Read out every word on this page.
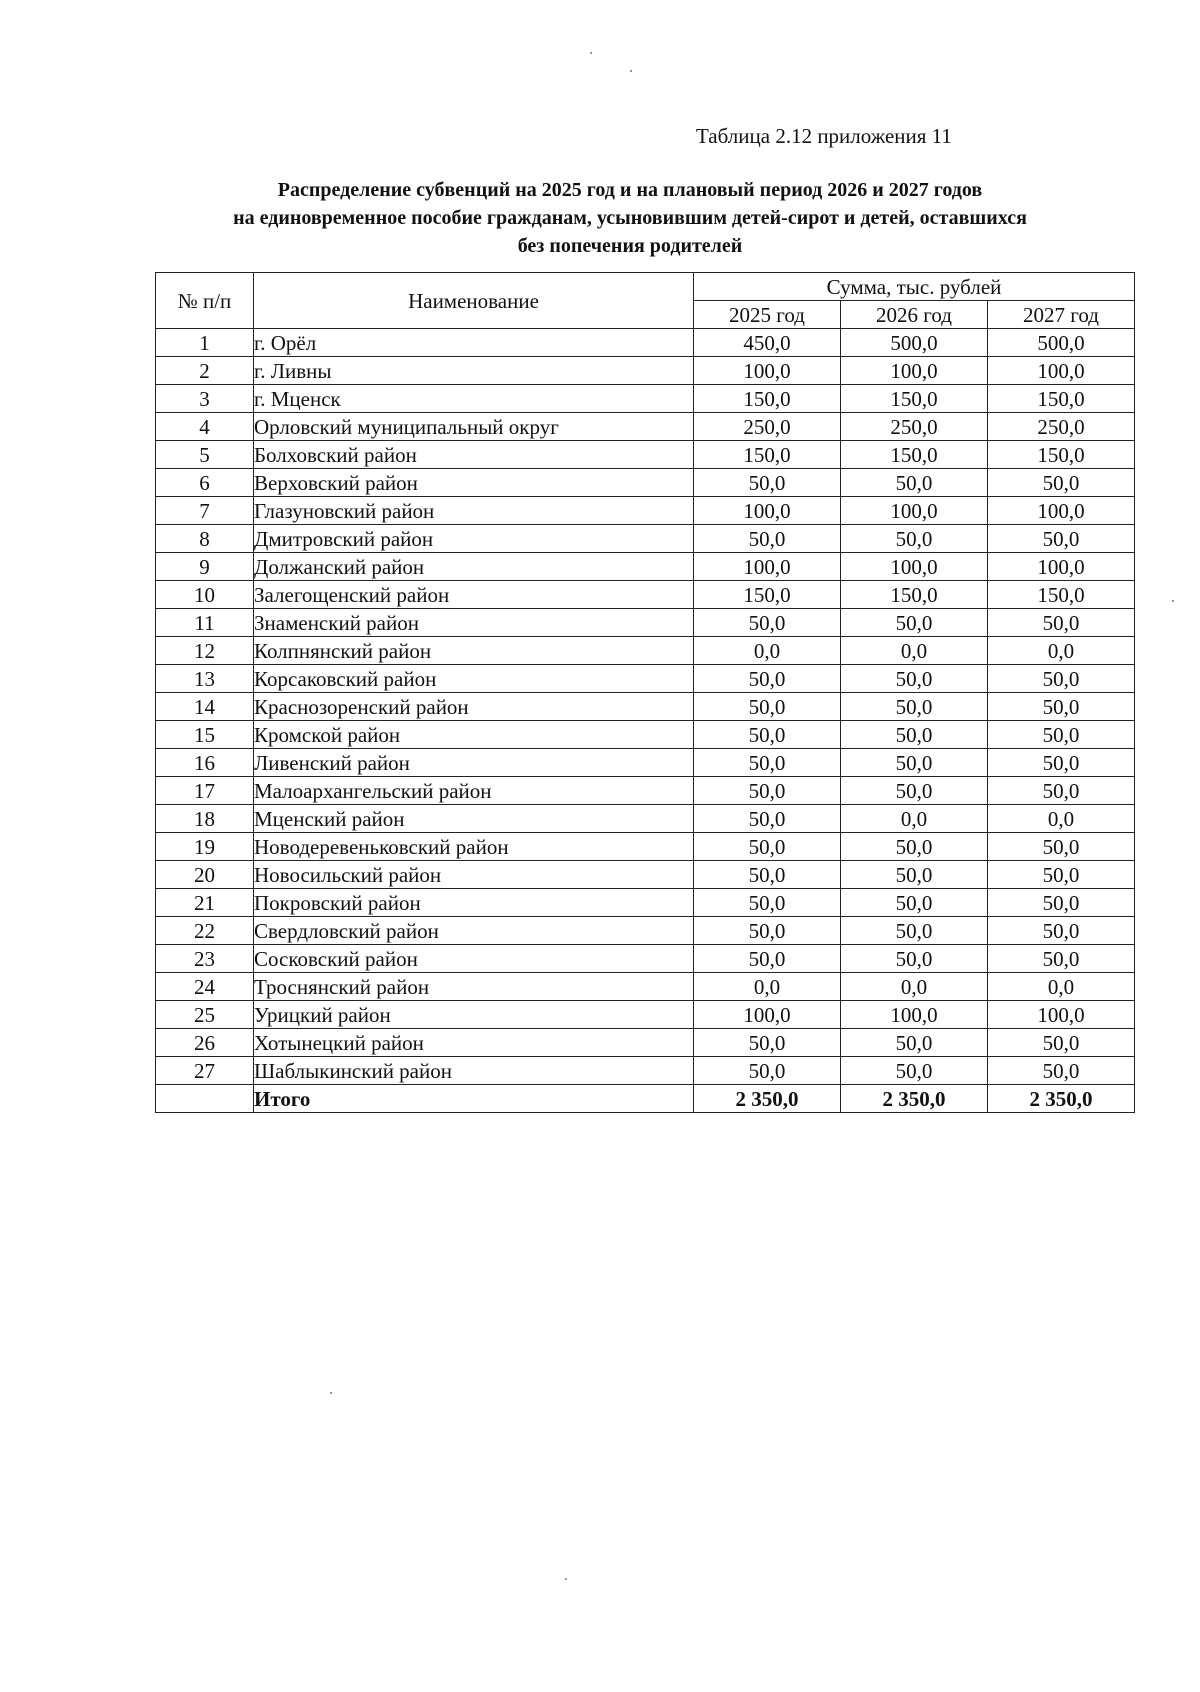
Таблица 2.12 приложения 11
Распределение субвенций на 2025 год и на плановый период 2026 и 2027 годов
на единовременное пособие гражданам, усыновившим детей-сирот и детей, оставшихся
без попечения родителей
№ п/п	Наименование	Сумма, тыс. рублей		
		2025 год	2026 год	2027 год
1	г. Орёл	450,0	500,0	500,0
2	г. Ливны	100,0	100,0	100,0
3	г. Мценск	150,0	150,0	150,0
4	Орловский муниципальный округ	250,0	250,0	250,0
5	Болховский район	150,0	150,0	150,0
6	Верховский район	50,0	50,0	50,0
7	Глазуновский район	100,0	100,0	100,0
8	Дмитровский район	50,0	50,0	50,0
9	Должанский район	100,0	100,0	100,0
10	Залегощенский район	150,0	150,0	150,0
11	Знаменский район	50,0	50,0	50,0
12	Колпнянский район	0,0	0,0	0,0
13	Корсаковский район	50,0	50,0	50,0
14	Краснозоренский район	50,0	50,0	50,0
15	Кромской район	50,0	50,0	50,0
16	Ливенский район	50,0	50,0	50,0
17	Малоархангельский район	50,0	50,0	50,0
18	Мценский район	50,0	0,0	0,0
19	Новодеревеньковский район	50,0	50,0	50,0
20	Новосильский район	50,0	50,0	50,0
21	Покровский район	50,0	50,0	50,0
22	Свердловский район	50,0	50,0	50,0
23	Сосковский район	50,0	50,0	50,0
24	Троснянский район	0,0	0,0	0,0
25	Урицкий район	100,0	100,0	100,0
26	Хотынецкий район	50,0	50,0	50,0
27	Шаблыкинский район	50,0	50,0	50,0
	Итого	2 350,0	2 350,0	2 350,0
